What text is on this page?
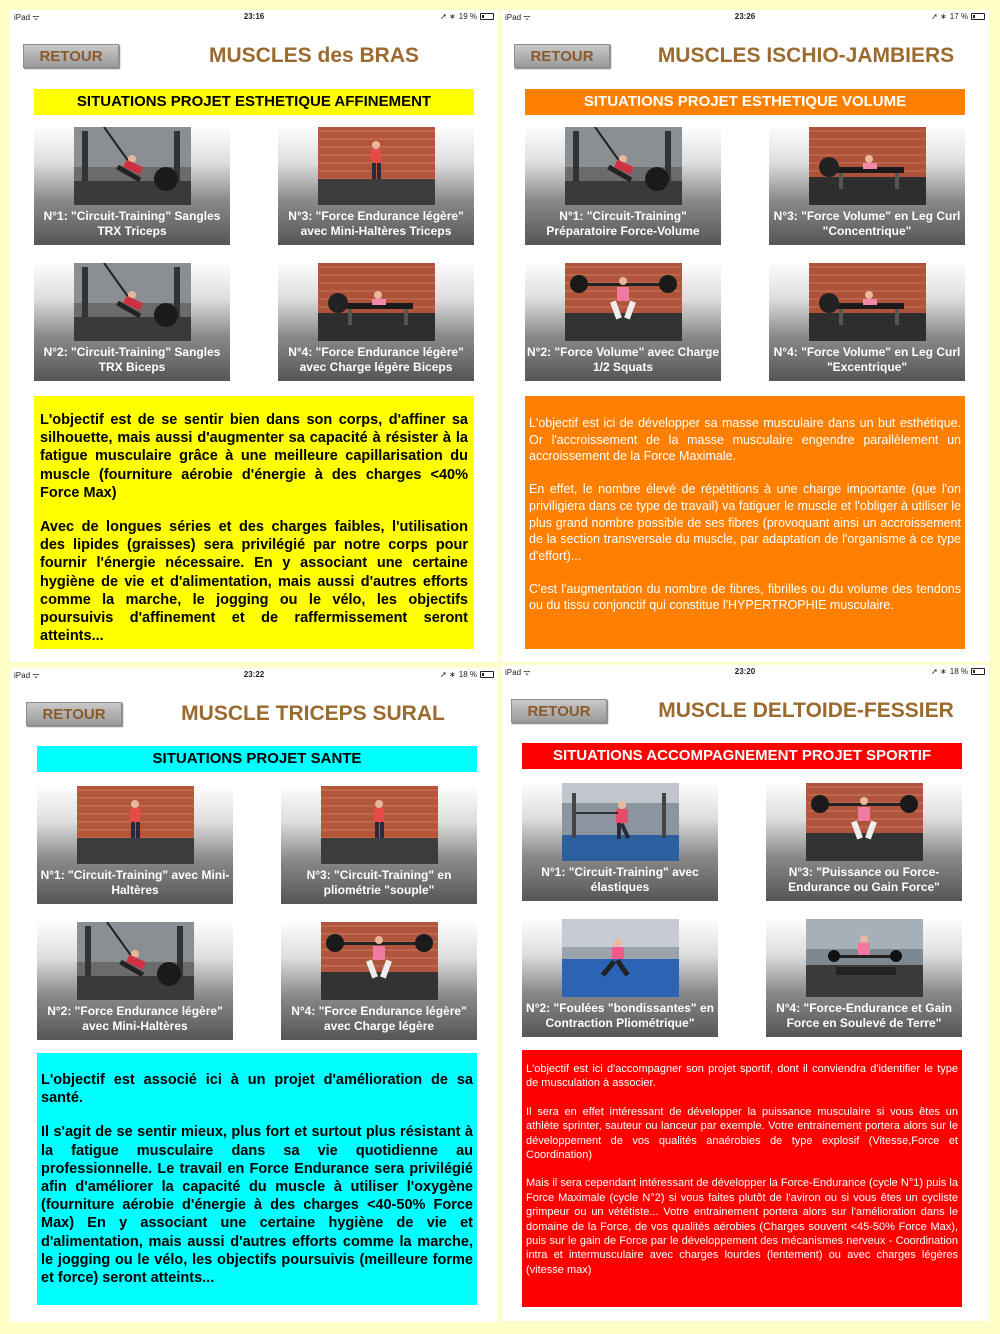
iPad ᯤ	23:16	➚ ∗ 19 %
RETOUR	MUSCLES des BRAS
SITUATIONS PROJET ESTHETIQUE AFFINEMENT
N°1: "Circuit-Training" Sangles TRX Triceps
N°3: "Force Endurance légère" avec Mini-Haltères Triceps
N°2: "Circuit-Training" Sangles TRX Biceps
N°4: "Force Endurance légère" avec Charge légère Biceps

L'objectif est de se sentir bien dans son corps, d'affiner sa silhouette, mais aussi d'augmenter sa capacité à résister à la fatigue musculaire grâce à une meilleure capillarisation du muscle (fourniture aérobie d'énergie à des charges <40% Force Max)

Avec de longues séries et des charges faibles, l'utilisation des lipides (graisses) sera privilégié par notre corps pour fournir l'énergie nécessaire. En y associant une certaine hygiène de vie et d'alimentation, mais aussi d'autres efforts comme la marche, le jogging ou le vélo, les objectifs poursuivis d'affinement et de raffermissement seront atteints...

iPad ᯤ	23:26	➚ ∗ 17 %
RETOUR	MUSCLES ISCHIO-JAMBIERS
SITUATIONS PROJET ESTHETIQUE VOLUME
N°1: "Circuit-Training" Préparatoire Force-Volume
N°3: "Force Volume" en Leg Curl "Concentrique"
N°2: "Force Volume" avec Charge 1/2 Squats
N°4: "Force Volume" en Leg Curl "Excentrique"

L'objectif est ici de développer sa masse musculaire dans un but esthétique. Or l'accroissement de la masse musculaire engendre parallèlement un accroissement de la Force Maximale.

En effet, le nombre élevé de répétitions à une charge importante (que l'on priviligiera dans ce type de travail) va fatiguer le muscle et l'obliger à utiliser le plus grand nombre possible de ses fibres (provoquant ainsi un accroissement de la section transversale du muscle, par adaptation de l'organisme à ce type d'effort)...

C'est l'augmentation du nombre de fibres, fibrilles ou du volume des tendons ou du tissu conjonctif qui constitue l'HYPERTROPHIE musculaire.

iPad ᯤ	23:22	➚ ∗ 18 %
RETOUR	MUSCLE TRICEPS SURAL
SITUATIONS PROJET SANTE
N°1: "Circuit-Training" avec Mini-Haltères
N°3: "Circuit-Training" en pliométrie "souple"
N°2: "Force Endurance légère" avec Mini-Haltères
N°4: "Force Endurance légère" avec Charge légère

L'objectif est associé ici à un projet d'amélioration de sa santé.

Il s'agit de se sentir mieux, plus fort et surtout plus résistant à la fatigue musculaire dans sa vie quotidienne au professionnelle. Le travail en Force Endurance sera privilégié afin d'améliorer la capacité du muscle à utiliser l'oxygène (fourniture aérobie d'énergie à des charges <40-50% Force Max) En y associant une certaine hygiène de vie et d'alimentation, mais aussi d'autres efforts comme la marche, le jogging ou le vélo, les objectifs poursuivis (meilleure forme et force) seront atteints...

iPad ᯤ	23:20	➚ ∗ 18 %
RETOUR	MUSCLE DELTOIDE-FESSIER
SITUATIONS ACCOMPAGNEMENT PROJET SPORTIF
N°1: "Circuit-Training" avec élastiques
N°3: "Puissance ou Force-Endurance ou Gain Force"
N°2: "Foulées "bondissantes" en Contraction Pliométrique"
N°4: "Force-Endurance et Gain Force en Soulevé de Terre"

L'objectif est ici d'accompagner son projet sportif, dont il conviendra d'identifier le type de musculation à associer.

Il sera en effet intéressant de développer la puissance musculaire si vous êtes un athlète sprinter, sauteur ou lanceur par exemple. Votre entrainement portera alors sur le développement de vos qualités anaérobies de type explosif (Vitesse,Force et Coordination)

Mais il sera cependant intéressant de développer la Force-Endurance (cycle N°1) puis la Force Maximale (cycle N°2) si vous faites plutôt de l'aviron ou si vous êtes un cycliste grimpeur ou un vététiste... Votre entrainement portera alors sur l'amélioration dans le domaine de la Force, de vos qualités aérobies (Charges souvent <45-50% Force Max), puis sur le gain de Force par le développement des mécanismes nerveux - Coordination intra et intermusculaire avec charges lourdes (lentement) ou avec charges légères (vitesse max)
